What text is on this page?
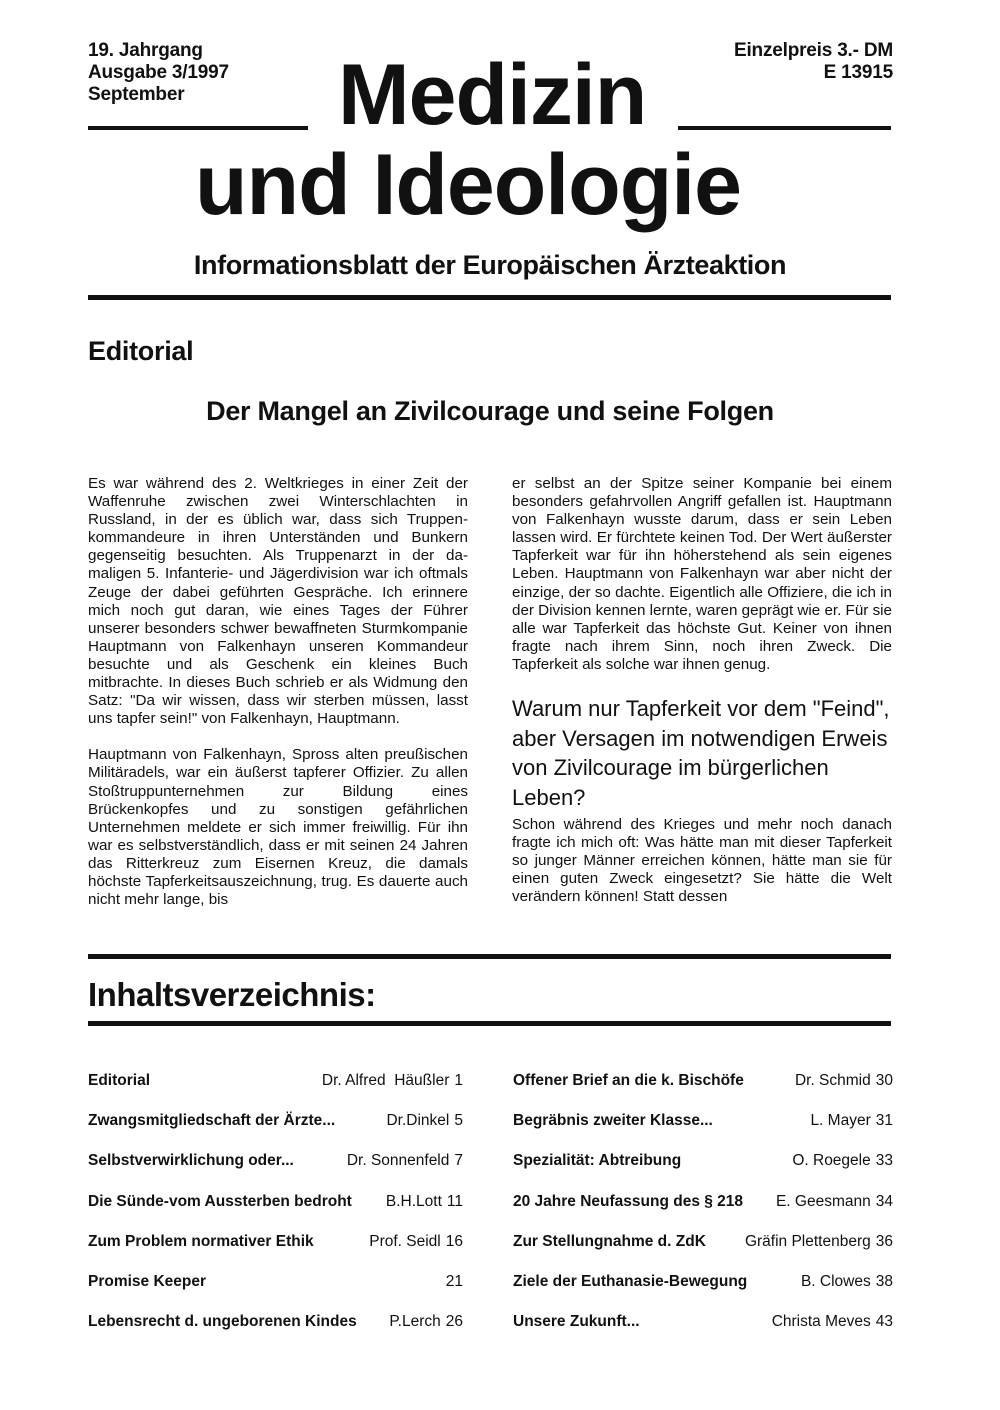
19. Jahrgang
Ausgabe 3/1997
September
Einzelpreis 3.- DM
E 13915
Medizin
und Ideologie
Informationsblatt der Europäischen Ärzteaktion
Editorial
Der Mangel an Zivilcourage und seine Folgen

Es war während des 2. Weltkrieges in einer Zeit der Waffenruhe zwischen zwei Winterschlachten in Russland, in der es üblich war, dass sich Truppenkommandeure in ihren Unterständen und Bunkern gegenseitig besuchten. Als Truppenarzt in der damaligen 5. Infanterie- und Jägerdivision war ich oftmals Zeuge der dabei geführten Gespräche. Ich erinnere mich noch gut daran, wie eines Tages der Führer unserer besonders schwer bewaffneten Sturmkompanie Hauptmann von Falkenhayn unseren Kommandeur besuchte und als Geschenk ein kleines Buch mitbrachte. In dieses Buch schrieb er als Widmung den Satz: "Da wir wissen, dass wir sterben müssen, lasst uns tapfer sein!" von Falkenhayn, Hauptmann.

Hauptmann von Falkenhayn, Spross alten preußischen Militäradels, war ein äußerst tapferer Offizier. Zu allen Stoßtruppunternehmen zur Bildung eines Brückenkopfes und zu sonstigen gefährlichen Unternehmen meldete er sich immer freiwillig. Für ihn war es selbstverständlich, dass er mit seinen 24 Jahren das Ritterkreuz zum Eisernen Kreuz, die damals höchste Tapferkeitsauszeichnung, trug. Es dauerte auch nicht mehr lange, bis

er selbst an der Spitze seiner Kompanie bei einem besonders gefahrvollen Angriff gefallen ist. Hauptmann von Falkenhayn wusste darum, dass er sein Leben lassen wird. Er fürchtete keinen Tod. Der Wert äußerster Tapferkeit war für ihn höherstehend als sein eigenes Leben. Hauptmann von Falkenhayn war aber nicht der einzige, der so dachte. Eigentlich alle Offiziere, die ich in der Division kennen lernte, waren geprägt wie er. Für sie alle war Tapferkeit das höchste Gut. Keiner von ihnen fragte nach ihrem Sinn, noch ihren Zweck. Die Tapferkeit als solche war ihnen genug.

Warum nur Tapferkeit vor dem "Feind", aber Versagen im notwendigen Erweis von Zivilcourage im bürgerlichen Leben?

Schon während des Krieges und mehr noch danach fragte ich mich oft: Was hätte man mit dieser Tapferkeit so junger Männer erreichen können, hätte man sie für einen guten Zweck eingesetzt? Sie hätte die Welt verändern können! Statt dessen

Inhaltsverzeichnis:
Editorial	Dr. Alfred  Häußler 1
Zwangsmitgliedschaft der Ärzte...	Dr.Dinkel 5
Selbstverwirklichung oder...	Dr. Sonnenfeld 7
Die Sünde-vom Aussterben bedroht B.H.Lott 11
Zum Problem normativer Ethik	Prof. Seidl 16
Promise Keeper	21
Lebensrecht d. ungeborenen Kindes P.Lerch 26
Offener Brief an die k. Bischöfe	Dr. Schmid 30
Begräbnis zweiter Klasse...	L. Mayer 31
Spezialität: Abtreibung	O. Roegele 33
20 Jahre Neufassung des § 218 E. Geesmann 34
Zur Stellungnahme d. ZdK	Gräfin Plettenberg 36
Ziele der Euthanasie-Bewegung	B. Clowes 38
Unsere Zukunft...	Christa Meves 43
